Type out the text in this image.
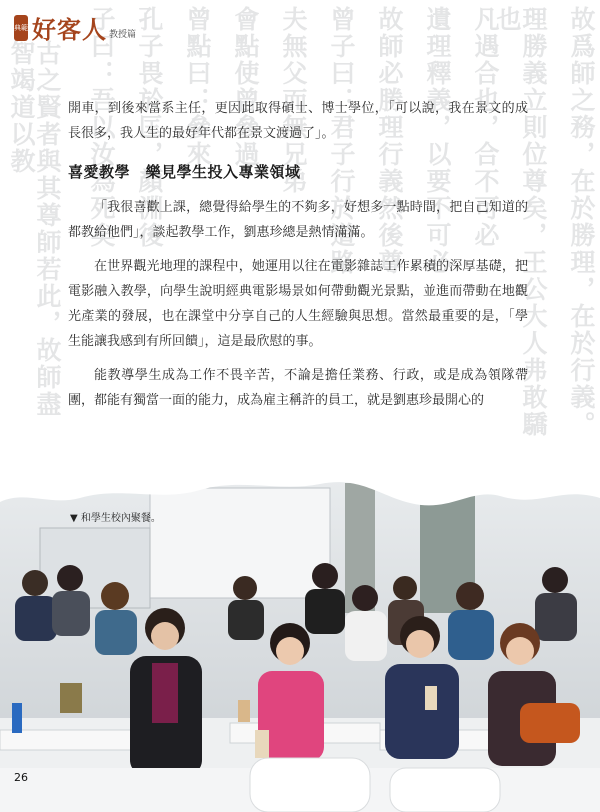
故爲師之務，在於勝理，在於行義。
理勝義立則位尊矣，王公大人弗敢驕也
凡遇合也，合不可必
遺理釋義，以要不可必
故師必勝理行義然後尊
曾子曰：君子行於道路
夫無父而無兄弟
會點使曾參過
曾點曰：參來
孔子畏於匡，顏淵後
子曰：吾以汝為死矣
古之賢者與其尊師若此，故師盡智竭道以教
典範 好客人 教授篇

開車，到後來當系主任，更因此取得碩士、博士學位，「可以說，我在景文的成長很多，我人生的最好年代都在景文渡過了」。

喜愛教學　樂見學生投入專業領域

「我很喜歡上課，總覺得給學生的不夠多，好想多一點時間，把自己知道的都教給他們」，談起教學工作，劉惠珍總是熱情滿滿。

在世界觀光地理的課程中，她運用以往在電影雜誌工作累積的深厚基礎，把電影融入教學，向學生說明經典電影場景如何帶動觀光景點，並進而帶動在地觀光產業的發展，也在課堂中分享自己的人生經驗與思想。當然最重要的是，「學生能讓我感到有所回饋」，這是最欣慰的事。

能教導學生成為工作不畏辛苦，不論是擔任業務、行政，或是成為領隊帶團，都能有獨當一面的能力，成為雇主稱許的員工，就是劉惠珍最開心的

▼ 和學生校內聚餐。
26
